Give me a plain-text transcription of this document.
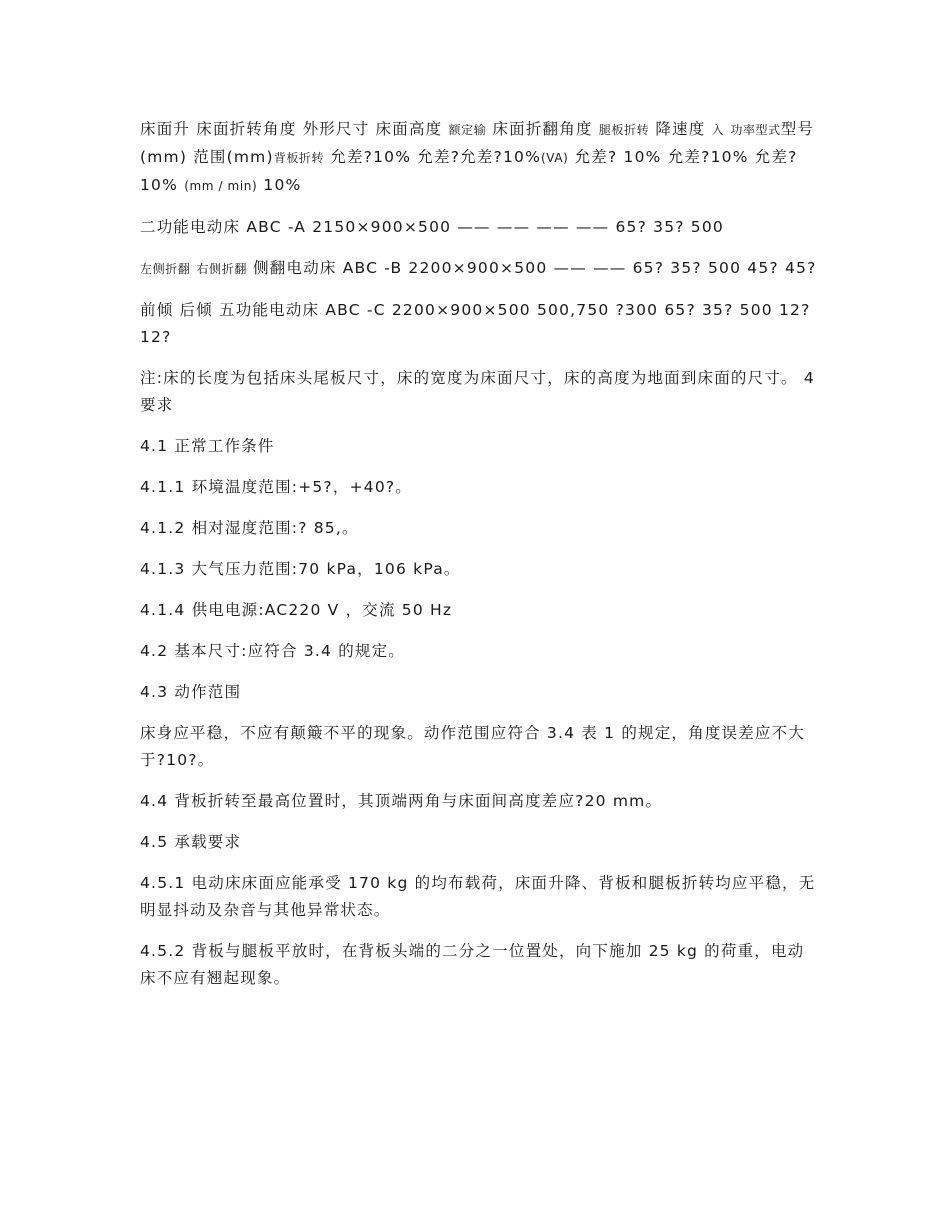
床面升 床面折转角度 外形尺寸 床面高度 额定输 床面折翻角度 腿板折转 降速度 入 功率型式型号 (mm) 范围(mm)背板折转 允差?10% 允差?允差?10%(VA) 允差? 10% 允差?10% 允差?10% (mm / min) 10%

二功能电动床 ABC -A 2150×900×500 —— —— —— —— 65? 35? 500

左侧折翻 右侧折翻 侧翻电动床 ABC -B 2200×900×500 —— —— 65? 35? 500 45? 45?

前倾 后倾 五功能电动床 ABC -C 2200×900×500 500,750 ?300 65? 35? 500 12? 12?

注:床的长度为包括床头尾板尺寸，床的宽度为床面尺寸，床的高度为地面到床面的尺寸。 4 要求

4.1 正常工作条件

4.1.1 环境温度范围:+5?，+40?。

4.1.2 相对湿度范围:? 85,。

4.1.3 大气压力范围:70 kPa，106 kPa。

4.1.4 供电电源:AC220 V ，交流 50 Hz

4.2 基本尺寸:应符合 3.4 的规定。

4.3 动作范围

床身应平稳，不应有颠簸不平的现象。动作范围应符合 3.4 表 1 的规定，角度误差应不大于?10?。

4.4 背板折转至最高位置时，其顶端两角与床面间高度差应?20 mm。

4.5 承载要求

4.5.1 电动床床面应能承受 170 kg 的均布载荷，床面升降、背板和腿板折转均应平稳，无明显抖动及杂音与其他异常状态。

4.5.2 背板与腿板平放时，在背板头端的二分之一位置处，向下施加 25 kg 的荷重，电动床不应有翘起现象。
